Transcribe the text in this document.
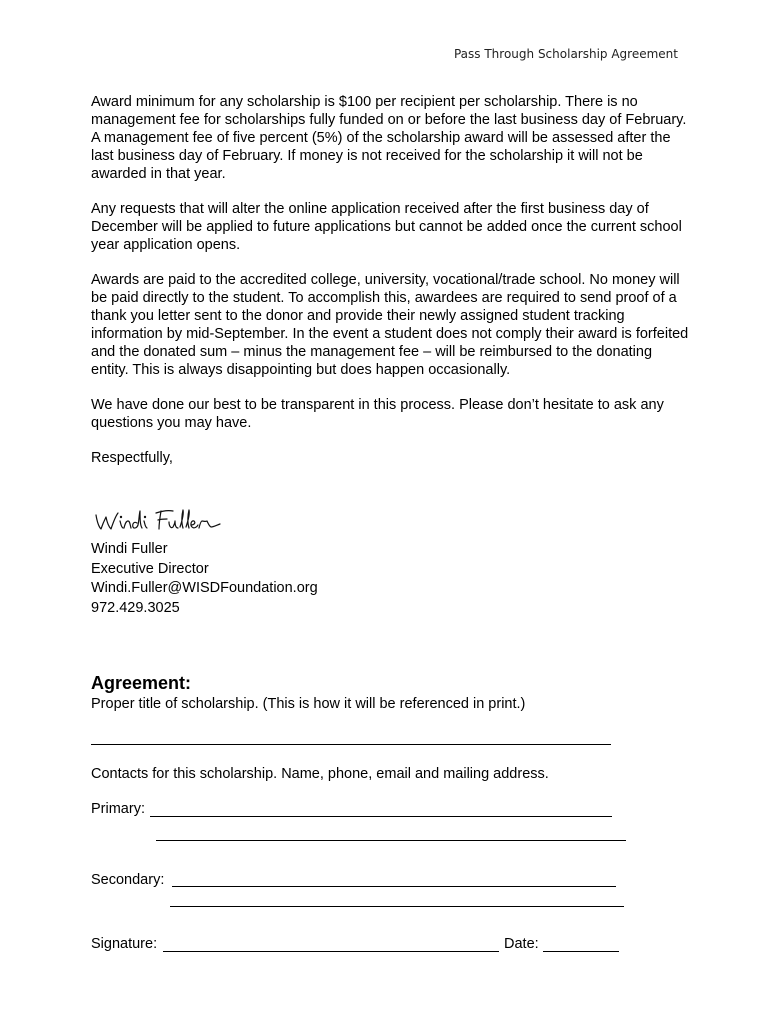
Pass Through Scholarship Agreement

Award minimum for any scholarship is $100 per recipient per scholarship. There is no management fee for scholarships fully funded on or before the last business day of February. A management fee of five percent (5%) of the scholarship award will be assessed after the last business day of February. If money is not received for the scholarship it will not be awarded in that year.

Any requests that will alter the online application received after the first business day of December will be applied to future applications but cannot be added once the current school year application opens.

Awards are paid to the accredited college, university, vocational/trade school. No money will be paid directly to the student. To accomplish this, awardees are required to send proof of a thank you letter sent to the donor and provide their newly assigned student tracking information by mid-September. In the event a student does not comply their award is forfeited and the donated sum – minus the management fee – will be reimbursed to the donating entity. This is always disappointing but does happen occasionally.

We have done our best to be transparent in this process. Please don’t hesitate to ask any questions you may have.

Respectfully,

Windi Fuller
Executive Director
Windi.Fuller@WISDFoundation.org
972.429.3025
Agreement:

Proper title of scholarship. (This is how it will be referenced in print.)

Contacts for this scholarship. Name, phone, email and mailing address.

Primary:
Secondary:
Signature:	Date:
